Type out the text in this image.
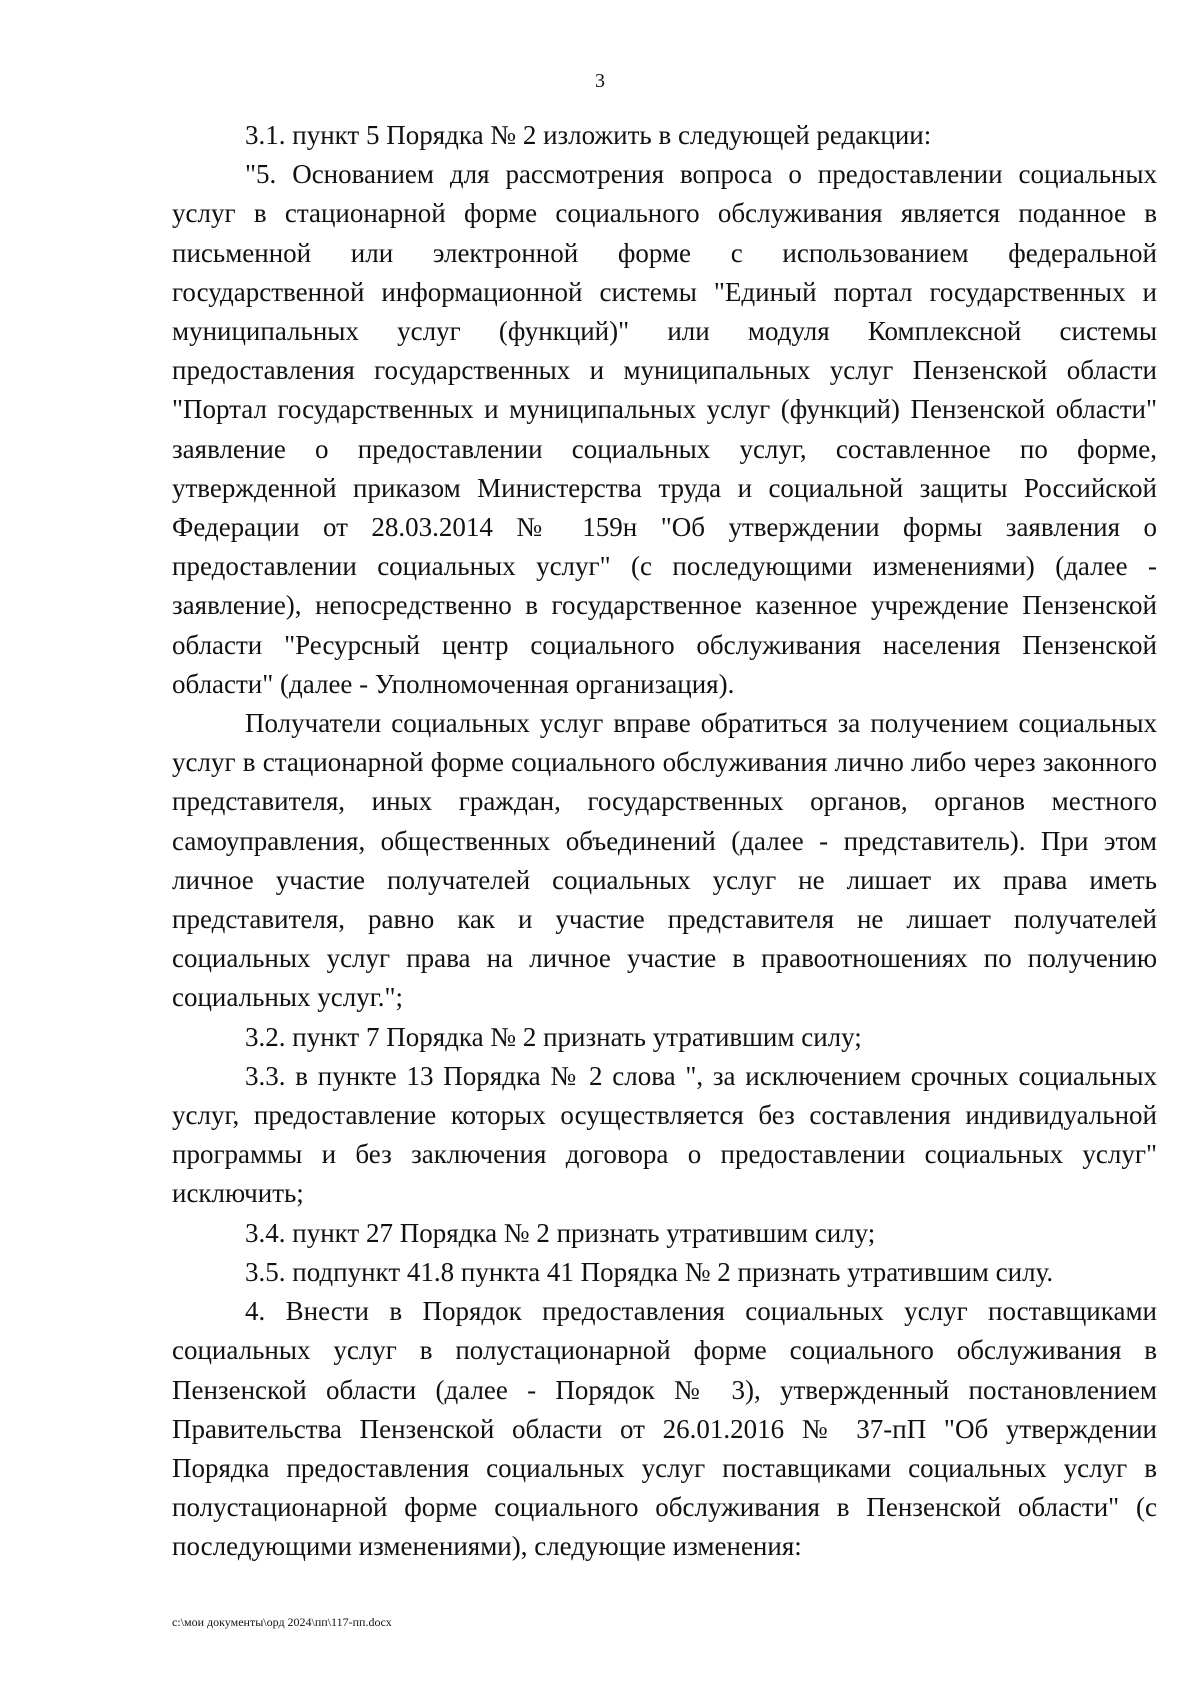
3

3.1. пункт 5 Порядка № 2 изложить в следующей редакции:

"5. Основанием для рассмотрения вопроса о предоставлении социальных услуг в стационарной форме социального обслуживания является поданное в письменной или электронной форме с использованием федеральной государственной информационной системы "Единый портал государственных и муниципальных услуг (функций)" или модуля Комплексной системы предоставления государственных и муниципальных услуг Пензенской области "Портал государственных и муниципальных услуг (функций) Пензенской области" заявление о предоставлении социальных услуг, составленное по форме, утвержденной приказом Министерства труда и социальной защиты Российской Федерации от 28.03.2014 № 159н "Об утверждении формы заявления о предоставлении социальных услуг" (с последующими изменениями) (далее - заявление), непосредственно в государственное казенное учреждение Пензенской области "Ресурсный центр социального обслуживания населения Пензенской области" (далее - Уполномоченная организация).

Получатели социальных услуг вправе обратиться за получением социальных услуг в стационарной форме социального обслуживания лично либо через законного представителя, иных граждан, государственных органов, органов местного самоуправления, общественных объединений (далее - представитель). При этом личное участие получателей социальных услуг не лишает их права иметь представителя, равно как и участие представителя не лишает получателей социальных услуг права на личное участие в правоотношениях по получению социальных услуг.";

3.2. пункт 7 Порядка № 2 признать утратившим силу;

3.3. в пункте 13 Порядка № 2 слова ", за исключением срочных социальных услуг, предоставление которых осуществляется без составления индивидуальной программы и без заключения договора о предоставлении социальных услуг" исключить;

3.4. пункт 27 Порядка № 2 признать утратившим силу;

3.5. подпункт 41.8 пункта 41 Порядка № 2 признать утратившим силу.

4. Внести в Порядок предоставления социальных услуг поставщиками социальных услуг в полустационарной форме социального обслуживания в Пензенской области (далее - Порядок № 3), утвержденный постановлением Правительства Пензенской области от 26.01.2016 № 37-пП "Об утверждении Порядка предоставления социальных услуг поставщиками социальных услуг в полустационарной форме социального обслуживания в Пензенской области" (с последующими изменениями), следующие изменения:

c:\мои документы\орд 2024\пп\117-пп.docx
